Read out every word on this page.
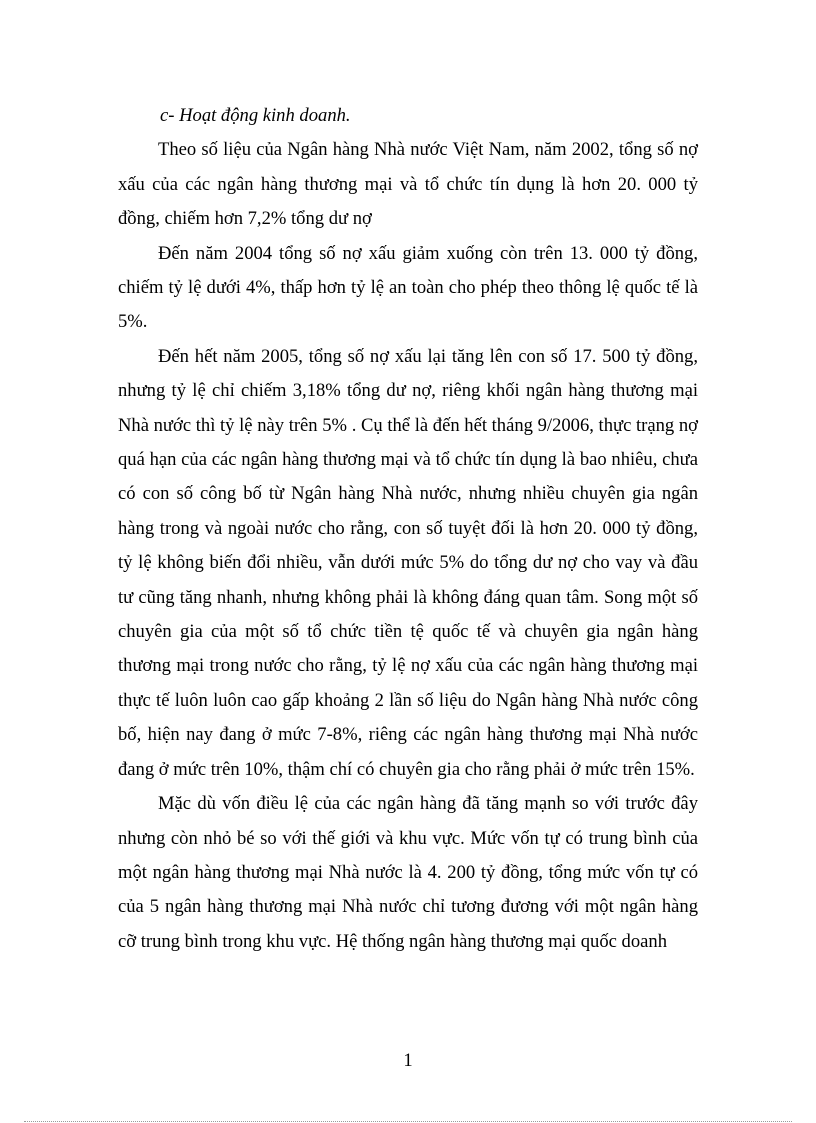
c- Hoạt động kinh doanh.

Theo số liệu của Ngân hàng Nhà nước Việt Nam, năm 2002, tổng số nợ xấu của các ngân hàng thương mại và tổ chức tín dụng là hơn 20. 000 tỷ đồng, chiếm hơn 7,2% tổng dư nợ

Đến năm 2004 tổng số nợ xấu giảm xuống còn trên 13. 000 tỷ đồng, chiếm tỷ lệ dưới 4%, thấp hơn tỷ lệ an toàn cho phép theo thông lệ quốc tế là 5%.

Đến hết năm 2005, tổng số nợ xấu lại tăng lên con số 17. 500 tỷ đồng, nhưng tỷ lệ chỉ chiếm 3,18% tổng dư nợ, riêng khối ngân hàng thương mại Nhà nước thì tỷ lệ này trên 5% . Cụ thể là đến hết tháng 9/2006, thực trạng nợ quá hạn của các ngân hàng thương mại và tổ chức tín dụng là bao nhiêu, chưa có con số công bố từ Ngân hàng Nhà nước, nhưng nhiều chuyên gia ngân hàng trong và ngoài nước cho rằng, con số tuyệt đối là hơn 20. 000 tỷ đồng, tỷ lệ không biến đổi nhiều, vẫn dưới mức 5% do tổng dư nợ cho vay và đầu tư cũng tăng nhanh, nhưng không phải là không đáng quan tâm. Song một số chuyên gia của một số tổ chức tiền tệ quốc tế và chuyên gia ngân hàng thương mại trong nước cho rằng, tỷ lệ nợ xấu của các ngân hàng thương mại thực tế luôn luôn cao gấp khoảng 2 lần số liệu do Ngân hàng Nhà nước công bố, hiện nay đang ở mức 7-8%, riêng các ngân hàng thương mại Nhà nước đang ở mức trên 10%, thậm chí có chuyên gia cho rằng phải ở mức trên 15%.

Mặc dù vốn điều lệ của các ngân hàng đã tăng mạnh so với trước đây nhưng còn nhỏ bé so với thế giới và khu vực. Mức vốn tự có trung bình của một ngân hàng thương mại Nhà nước là 4. 200 tỷ đồng, tổng mức vốn tự có của 5 ngân hàng thương mại Nhà nước chỉ tương đương với một ngân hàng cỡ trung bình trong khu vực. Hệ thống ngân hàng thương mại quốc doanh

1
